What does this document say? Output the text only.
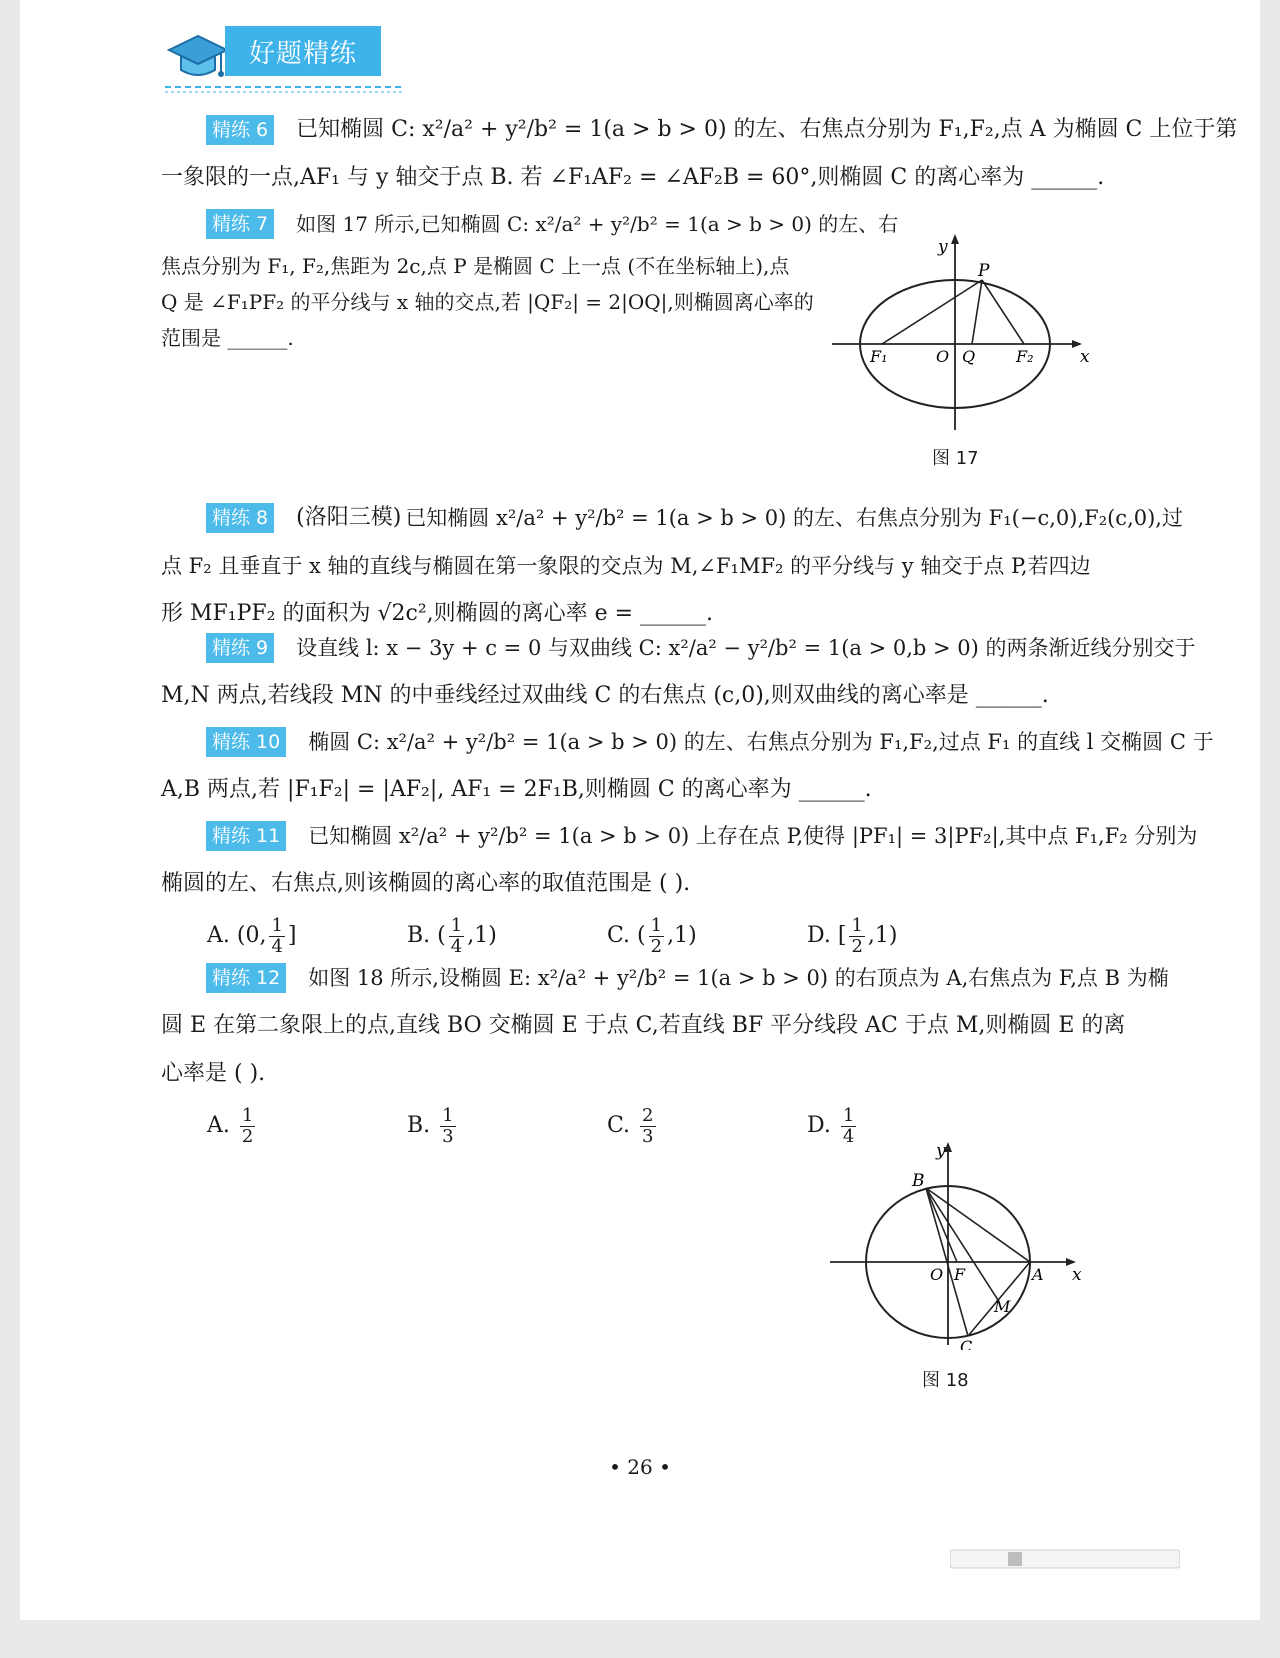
好题精练
精练 6 已知椭圆 C: x²/a² + y²/b² = 1(a > b > 0) 的左、右焦点分别为 F₁,F₂,点 A 为椭圆 C 上位于第
一象限的一点,AF₁ 与 y 轴交于点 B. 若 ∠F₁AF₂ = ∠AF₂B = 60°,则椭圆 C 的离心率为 ______.
精练 7	如图 17 所示,已知椭圆 C: x²/a² + y²/b² = 1(a > b > 0) 的左、右
焦点分别为 F₁, F₂,焦距为 2c,点 P 是椭圆 C 上一点 (不在坐标轴上),点
Q 是 ∠F₁PF₂ 的平分线与 x 轴的交点,若 |QF₂| = 2|OQ|,则椭圆离心率的
范围是 ______.
精练 8 (洛阳三模) 已知椭圆 x²/a² + y²/b² = 1(a > b > 0) 的左、右焦点分别为 F₁(−c,0),F₂(c,0),过
点 F₂ 且垂直于 x 轴的直线与椭圆在第一象限的交点为 M,∠F₁MF₂ 的平分线与 y 轴交于点 P,若四边
形 MF₁PF₂ 的面积为 √2c²,则椭圆的离心率 e = ______.
精练 9 设直线 l: x − 3y + c = 0 与双曲线 C: x²/a² − y²/b² = 1(a > 0,b > 0) 的两条渐近线分别交于
M,N 两点,若线段 MN 的中垂线经过双曲线 C 的右焦点 (c,0),则双曲线的离心率是 ______.
精练 10 椭圆 C: x²/a² + y²/b² = 1(a > b > 0) 的左、右焦点分别为 F₁,F₂,过点 F₁ 的直线 l 交椭圆 C 于
A,B 两点,若 |F₁F₂| = |AF₂|, AF₁ = 2F₁B,则椭圆 C 的离心率为 ______.
精练 11 已知椭圆 x²/a² + y²/b² = 1(a > b > 0) 上存在点 P,使得 |PF₁| = 3|PF₂|,其中点 F₁,F₂ 分别为
椭圆的左、右焦点,则该椭圆的离心率的取值范围是 ( ).
A.
(0, $\frac{1}{4}$ ]	B.
( $\frac{1}{4} ,1$)	C.
( $\frac{1}{2} ,1$)	D.
[ $\frac{1}{2} ,1$)
精练 12 如图 18 所示,设椭圆 E: x²/a² + y²/b² = 1(a > b > 0) 的右顶点为 A,右焦点为 F,点 B 为椭
圆 E 在第二象限上的点,直线 BO 交椭圆 E 于点 C,若直线 BF 平分线段 AC 于点 M,则椭圆 E 的离
心率是 ( ).
A.
$\frac{1}{2}$	B.
$\frac{1}{3}$	C.
$\frac{2}{3}$	D.
$\frac{1}{4}$
y
x
P
F₁	O Q	F₂
图 17
y
x
B
O F	A
M
C
图 18
• 26 •
